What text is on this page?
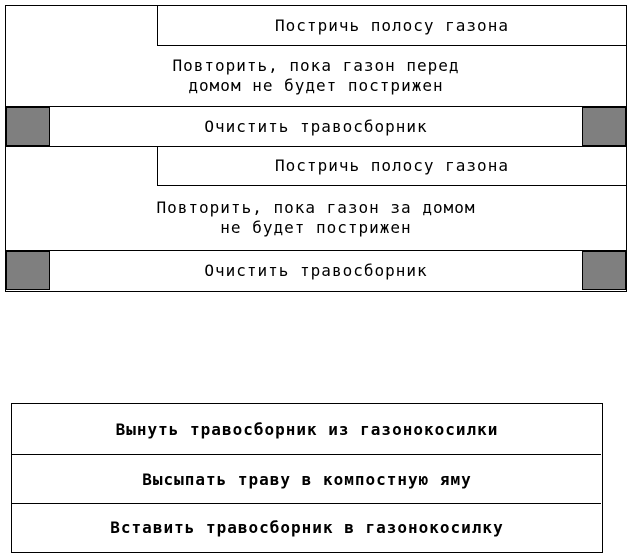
Постричь полосу газона
Повторить, пока газон перед
домом не будет пострижен
Очистить травосборник
Постричь полосу газона
Повторить, пока газон за домом
не будет пострижен
Очистить травосборник
Вынуть травосборник из газонокосилки
Высыпать траву в компостную яму
Вставить травосборник в газонокосилку
